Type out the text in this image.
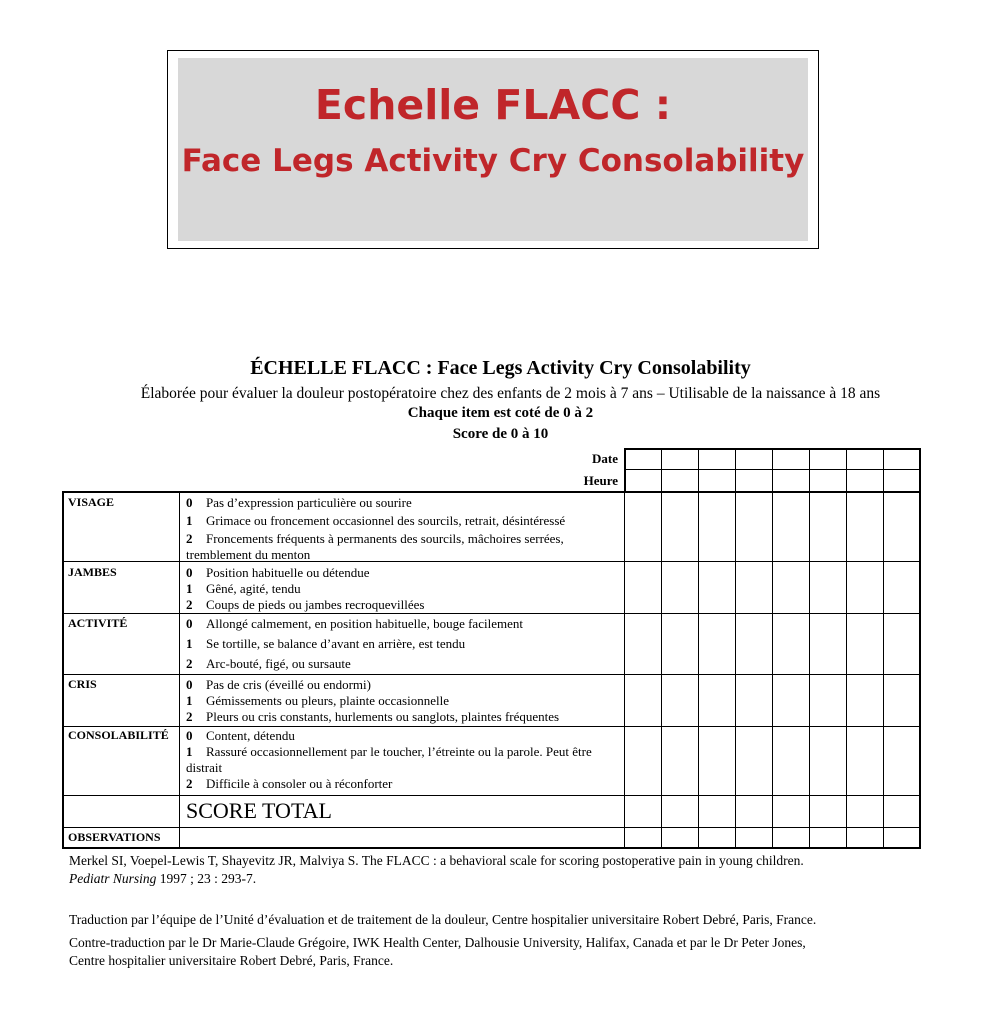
Echelle FLACC :
Face Legs Activity Cry Consolability
ÉCHELLE FLACC : Face Legs Activity Cry Consolability
Élaborée pour évaluer la douleur postopératoire chez des enfants de 2 mois à 7 ans – Utilisable de la naissance à 18 ans
Chaque item est coté de 0 à 2
Score de 0 à 10
Date
Heure
VISAGE	0 Pas d’expression particulière ou sourire
1 Grimace ou froncement occasionnel des sourcils, retrait, désintéressé
2 Froncements fréquents à permanents des sourcils, mâchoires serrées, tremblement du menton
JAMBES	0 Position habituelle ou détendue
1 Gêné, agité, tendu
2 Coups de pieds ou jambes recroquevillées
ACTIVITÉ	0 Allongé calmement, en position habituelle, bouge facilement
1 Se tortille, se balance d’avant en arrière, est tendu
2 Arc-bouté, figé, ou sursaute
CRIS	0 Pas de cris (éveillé ou endormi)
1 Gémissements ou pleurs, plainte occasionnelle
2 Pleurs ou cris constants, hurlements ou sanglots, plaintes fréquentes
CONSOLABILITÉ 0 Content, détendu
1 Rassuré occasionnellement par le toucher, l’étreinte ou la parole. Peut être distrait
2 Difficile à consoler ou à réconforter
SCORE TOTAL
OBSERVATIONS
Merkel SI, Voepel-Lewis T, Shayevitz JR, Malviya S. The FLACC : a behavioral scale for scoring postoperative pain in young children.
Pediatr Nursing 1997 ; 23 : 293-7.
Traduction par l’équipe de l’Unité d’évaluation et de traitement de la douleur, Centre hospitalier universitaire Robert Debré, Paris, France.
Contre-traduction par le Dr Marie-Claude Grégoire, IWK Health Center, Dalhousie University, Halifax, Canada et par le Dr Peter Jones,
Centre hospitalier universitaire Robert Debré, Paris, France.
